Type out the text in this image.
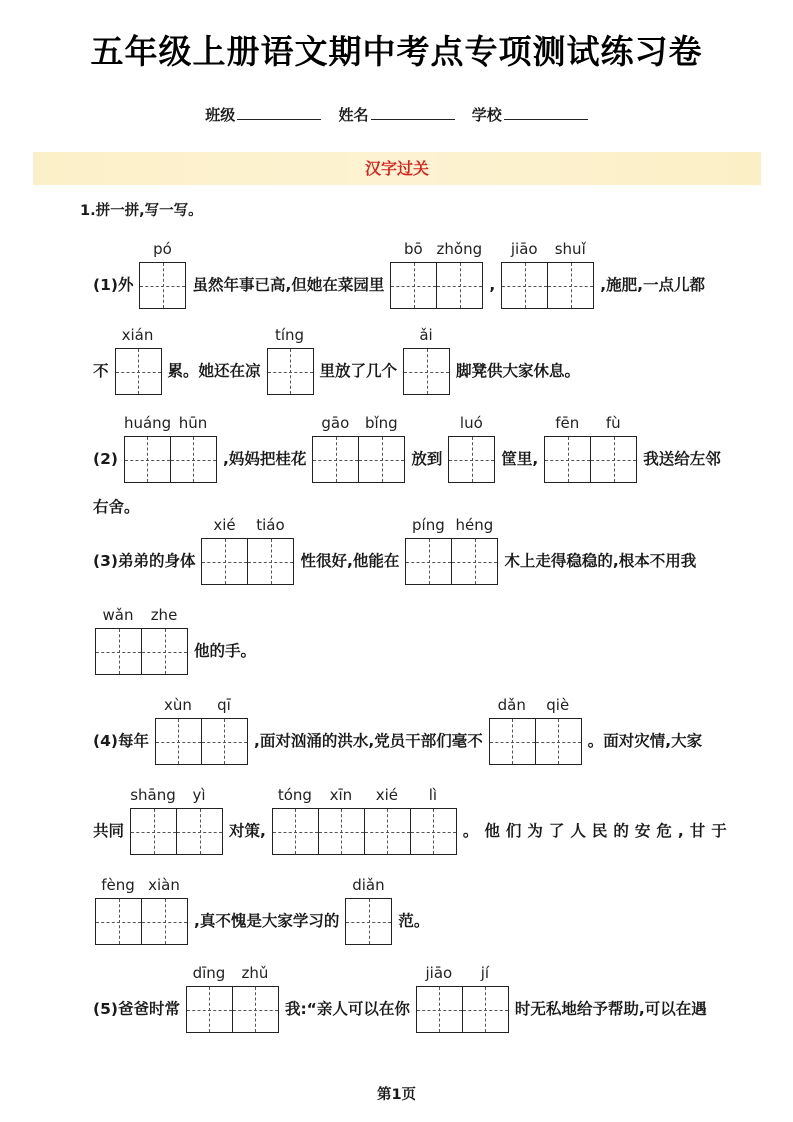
五年级上册语文期中考点专项测试练习卷
班级	姓名	学校
汉字过关
1.拼一拼,写一写。
(1)外
pó
虽然年事已高,但她在菜园里
bō zhǒng
,
jiāo	shuǐ
,施肥,一点儿都
不
xián
累。她还在凉
tíng
里放了几个
ǎi
脚凳供大家休息。
(2)
huáng hūn
,妈妈把桂花
gāo	bǐng
放到
luó
筐里,
fēn	fù
我送给左邻
右舍。
(3)弟弟的身体
xié	tiáo
性很好,他能在
píng héng
木上走得稳稳的,根本不用我
wǎn	zhe
他的手。
(4)每年
xùn	qī
,面对汹涌的洪水,党员干部们毫不
dǎn	qiè
。面对灾情,大家
共同
shāng	yì
对策,
tóng	xīn	xié	lì
。他们为了人民的安危,甘于
fèng xiàn
,真不愧是大家学习的
diǎn
范。
(5)爸爸时常
dīng	zhǔ
我:“亲人可以在你
jiāo	jí
时无私地给予帮助,可以在遇
第1页
